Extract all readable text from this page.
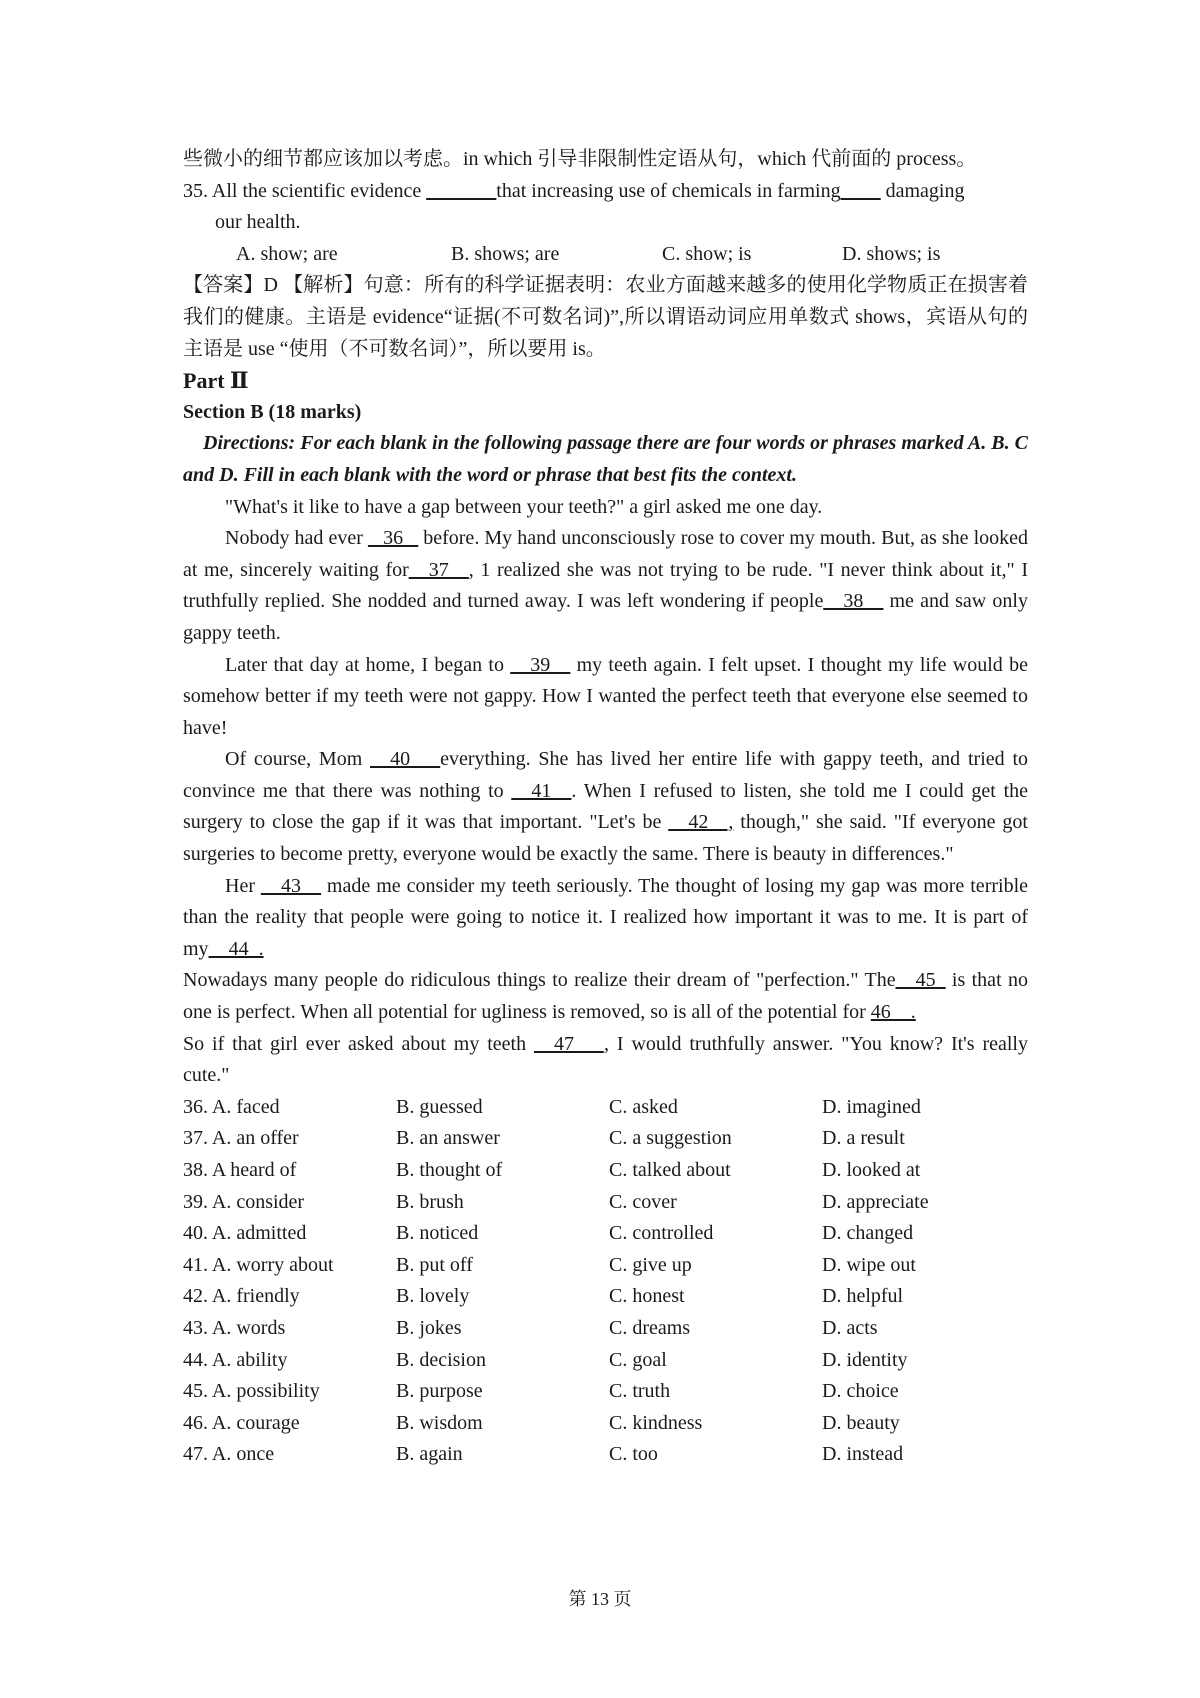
些微小的细节都应该加以考虑。in which 引导非限制性定语从句，which 代前面的 process。
35. All the scientific evidence _______that increasing use of chemicals in farming____ damaging
our health.
A. show; are	B. shows; are	C. show; is	D. shows; is
【答案】D 【解析】句意：所有的科学证据表明：农业方面越来越多的使用化学物质正在损害着我们的健康。主语是 evidence“证据(不可数名词)”,所以谓语动词应用单数式 shows，宾语从句的主语是 use “使用（不可数名词）”，所以要用 is。
Part Ⅱ
Section B (18 marks)
Directions: For each blank in the following passage there are four words or phrases marked A. B. C and D. Fill in each blank with the word or phrase that best fits the context.
"What's it like to have a gap between your teeth?" a girl asked me one day.
Nobody had ever _ 36 _ before. My hand unconsciously rose to cover my mouth. But, as she looked at me, sincerely waiting for__37__, 1 realized she was not trying to be rude. "I never think about it," I truthfully replied. She nodded and turned away. I was left wondering if people__38__ me and saw only gappy teeth.
Later that day at home, I began to __39__ my teeth again. I felt upset. I thought my life would be somehow better if my teeth were not gappy. How I wanted the perfect teeth that everyone else seemed to have!
Of course, Mom __40___everything. She has lived her entire life with gappy teeth, and tried to convince me that there was nothing to __41__. When I refused to listen, she told me I could get the surgery to close the gap if it was that important. "Let's be __42__, though," she said. "If everyone got surgeries to become pretty, everyone would be exactly the same. There is beauty in differences."
Her __43__ made me consider my teeth seriously. The thought of losing my gap was more terrible than the reality that people were going to notice it. I realized how important it was to me. It is part of my__44_.
Nowadays many people do ridiculous things to realize their dream of "perfection." The__45_ is that no one is perfect. When all potential for ugliness is removed, so is all of the potential for 46__.
So if that girl ever asked about my teeth __47___, I would truthfully answer. "You know? It's really cute."
36. A. faced	B. guessed	C. asked	D. imagined
37. A. an offer	B. an answer	C. a suggestion	D. a result
38. A heard of	B. thought of	C. talked about	D. looked at
39. A. consider	B. brush	C. cover	D. appreciate
40. A. admitted	B. noticed	C. controlled	D. changed
41. A. worry about	B. put off	C. give up	D. wipe out
42. A. friendly	B. lovely	C. honest	D. helpful
43. A. words	B. jokes	C. dreams	D. acts
44. A. ability	B. decision	C. goal	D. identity
45. A. possibility	B. purpose	C. truth	D. choice
46. A. courage	B. wisdom	C. kindness	D. beauty
47. A. once	B. again	C. too	D. instead
第 13 页
